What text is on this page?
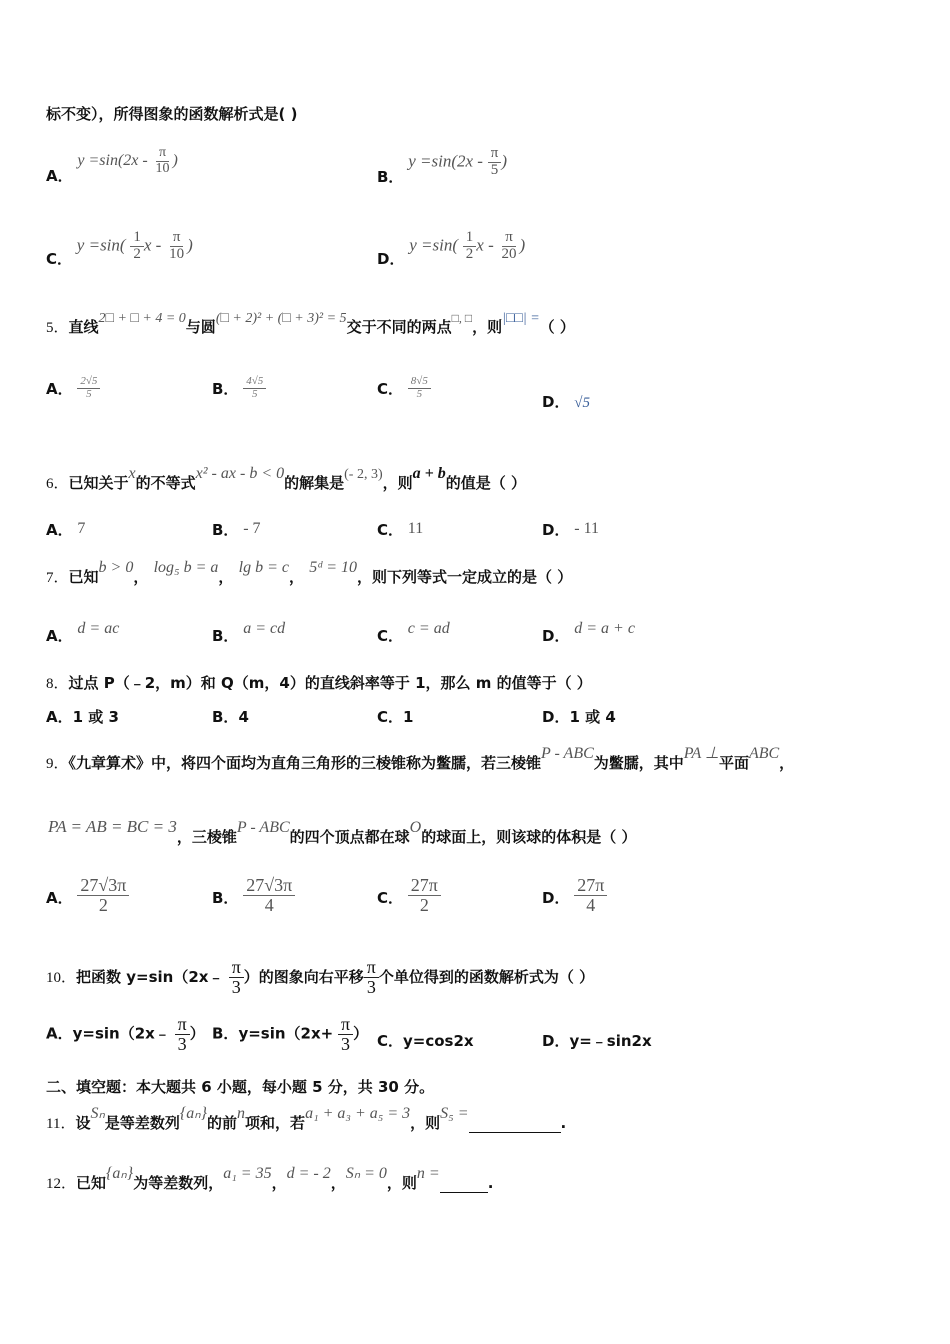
标不变），所得图象的函数解析式是( )
A． $y =\sin(2x - \frac{\pi}{10}$ )
B． $y =\sin(2x - \frac{\pi}{5}$ )
C． $y =\sin( \frac{1}{2}$ x - $\frac{\pi}{10}$ )
D． $y =\sin( \frac{1}{2}$ x - $\frac{\pi}{20}$ )
5．直线2□ + □ + 4 = 0与圆(□ + 2)² + (□ + 3)² = 5交于不同的两点□, □，则|□□| =（ ）
A． $\frac{2√5}{5}$	B． $\frac{4√5}{5}$	C． $\frac{8√5}{5}$
D． √5
6．已知关于x的不等式x² - ax - b < 0的解集是(- 2, 3)，则a + b的值是（ ）
A． 7	B． - 7	C． 11	D． - 11
7．已知b > 0， log₅ b = a， lg b = c， 5ᵈ = 10，则下列等式一定成立的是（ ）
A． d = ac	B． a = cd	C． c = ad	D． d = a + c
8．过点 P（﹣2，m）和 Q（m，4）的直线斜率等于 1，那么 m 的值等于（ ）
A．1 或 3	B．4	C．1	D．1 或 4
9．《九章算术》中，将四个面均为直角三角形的三棱锥称为鳖臑，若三棱锥P - ABC为鳖臑，其中PA ⊥平面ABC，
PA = AB = BC = 3，三棱锥P - ABC的四个顶点都在球O的球面上，则该球的体积是（ ）
A． $\frac{27√3\pi}{2}$	B． $\frac{27√3\pi}{4}$	C． $\frac{27\pi}{2}$	D． $\frac{27\pi}{4}$
10．把函数 y=sin（2x﹣ $\frac{\pi}{3}$ ）的图象向右平移 $\frac{\pi}{3}$ 个单位得到的函数解析式为（ ）
A．y=sin（2x﹣ $\frac{\pi}{3}$ ） B．$y=\sin(2x+ \frac{\pi}{3}$ ） C．y=cos2x	D．y=﹣sin2x
二、填空题：本大题共 6 小题，每小题 5 分，共 30 分。
11．设Sₙ是等差数列{aₙ}的前n项和，若a₁ + a₃ + a₅ = 3，则S₅ =.
12．已知{aₙ}为等差数列，a₁ = 35，d = - 2，Sₙ = 0，则n =.
